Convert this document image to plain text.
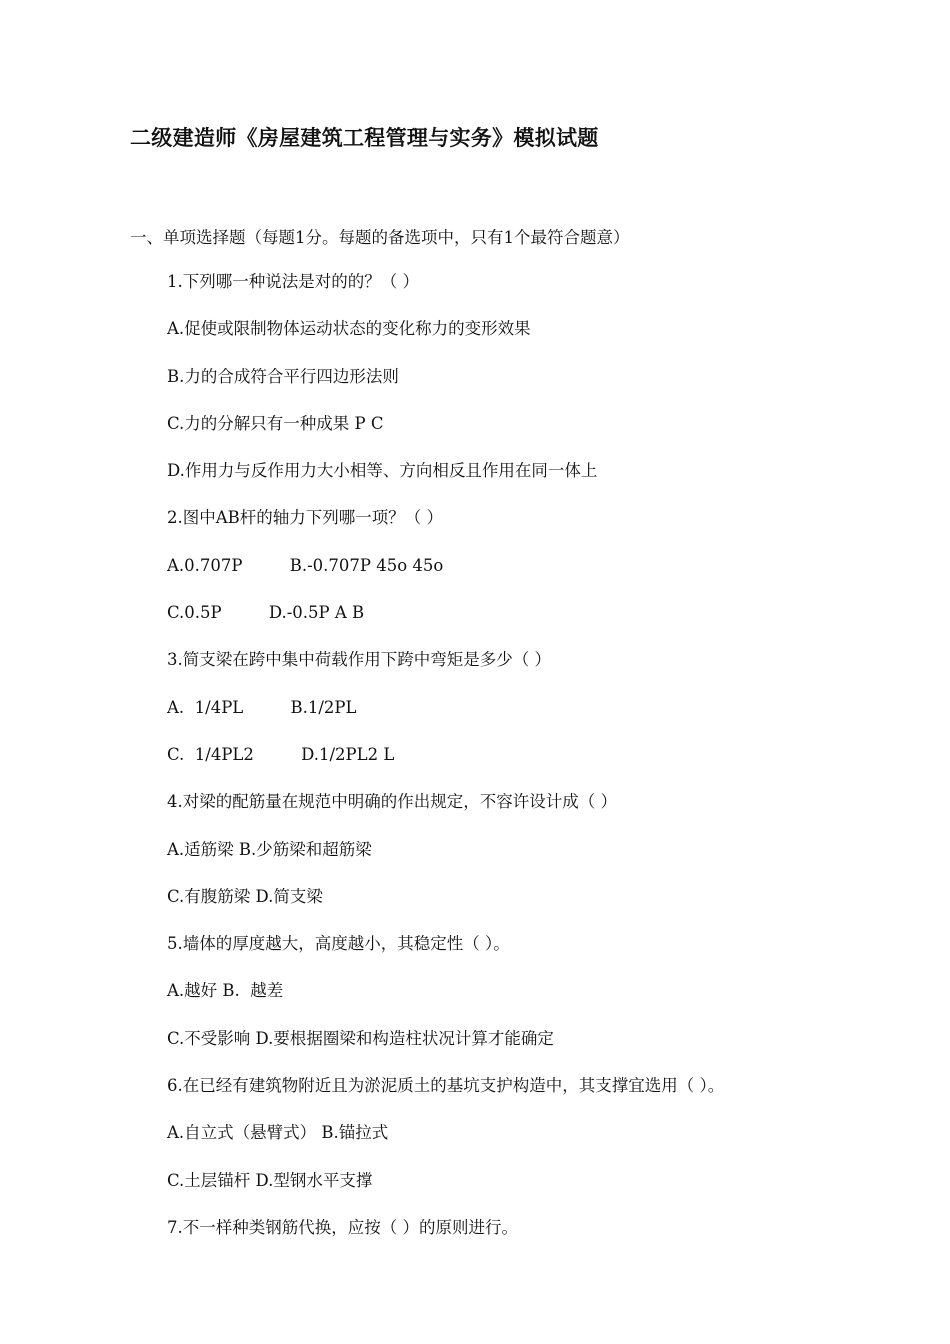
二级建造师《房屋建筑工程管理与实务》模拟试题
一、单项选择题（每题1分。每题的备选项中，只有1个最符合题意）
1.下列哪一种说法是对的的？（ ）
A.促使或限制物体运动状态的变化称力的变形效果
B.力的合成符合平行四边形法则
C.力的分解只有一种成果 P C
D.作用力与反作用力大小相等、方向相反且作用在同一体上
2.图中AB杆的轴力下列哪一项？（ ）
A.0.707P         B.-0.707P 45o 45o
C.0.5P         D.-0.5P A B
3.简支梁在跨中集中荷载作用下跨中弯矩是多少（ ）
A.  1/4PL         B.1/2PL
C.  1/4PL2         D.1/2PL2 L
4.对梁的配筋量在规范中明确的作出规定，不容许设计成（ ）
A.适筋梁 B.少筋梁和超筋梁
C.有腹筋梁 D.简支梁
5.墙体的厚度越大，高度越小，其稳定性（ ）。
A.越好 B.  越差
C.不受影响 D.要根据圈梁和构造柱状况计算才能确定
6.在已经有建筑物附近且为淤泥质土的基坑支护构造中，其支撑宜选用（ ）。
A.自立式（悬臂式） B.锚拉式
C.土层锚杆 D.型钢水平支撑
7.不一样种类钢筋代换，应按（ ）的原则进行。
